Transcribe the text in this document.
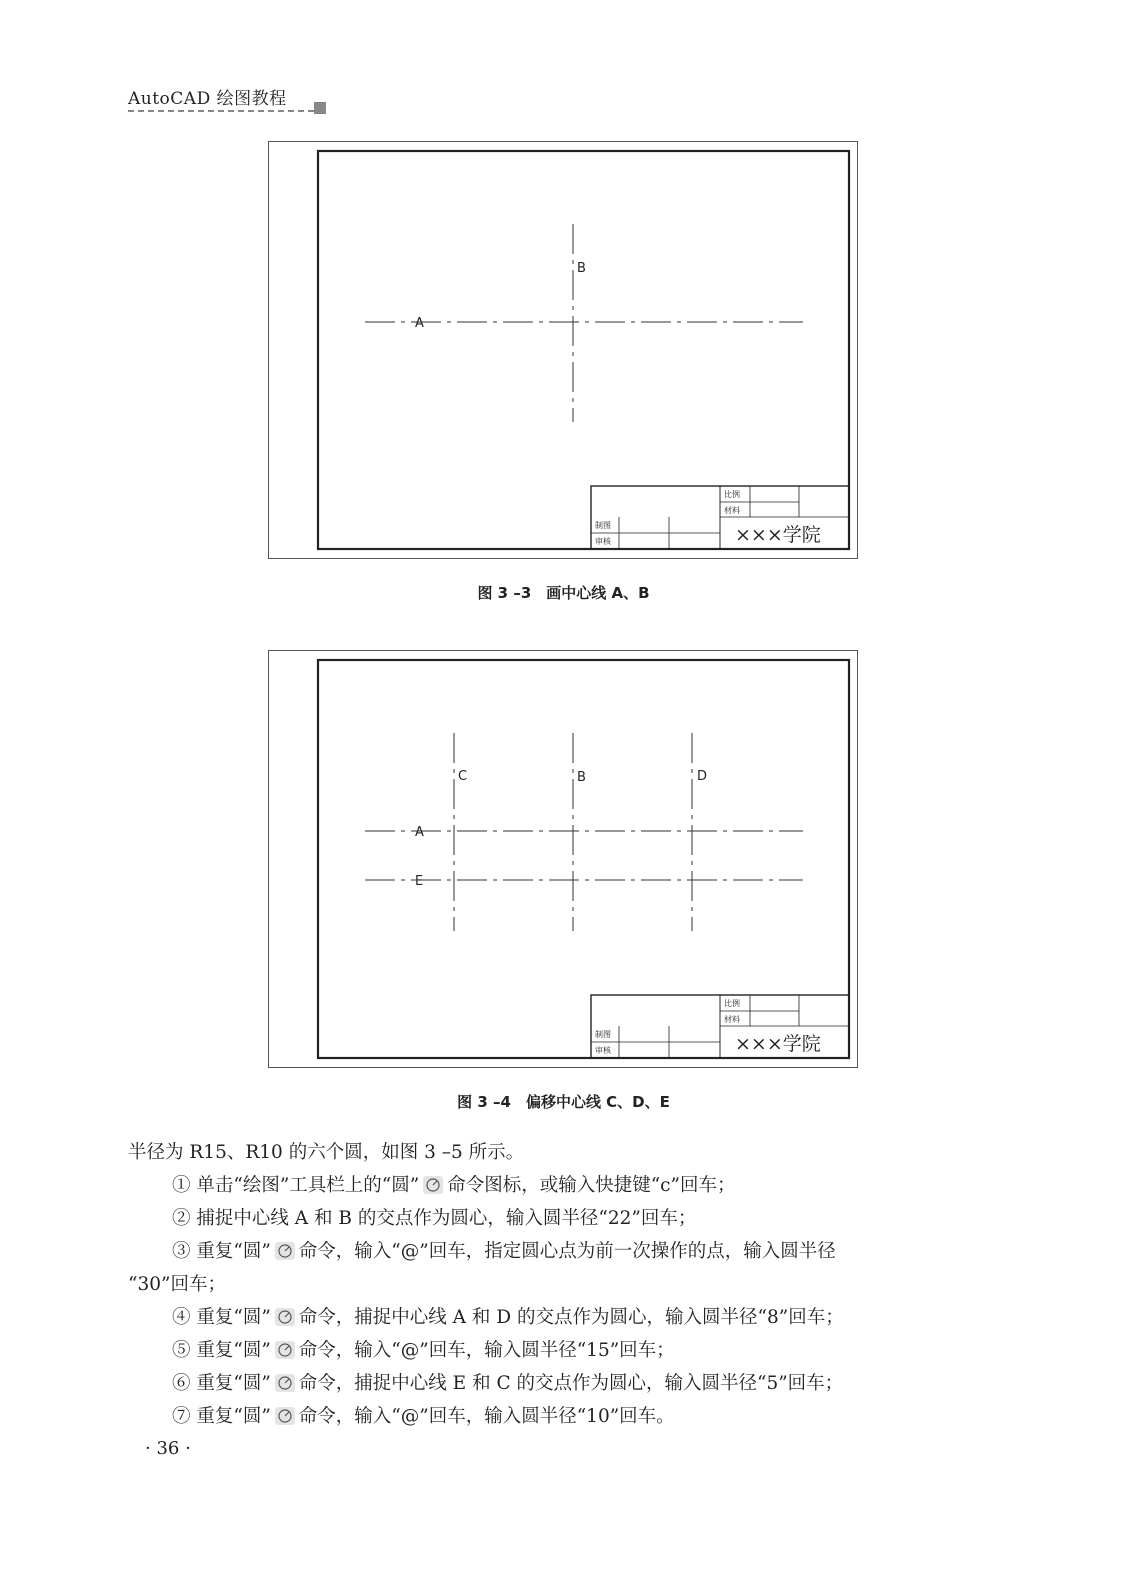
AutoCAD 绘图教程
A
B
比例
材料
制图
审核	×××学院
图 3 –3　画中心线 A、B
C	B	D
A
E
比例
材料
制图
审核	×××学院
图 3 –4　偏移中心线 C、D、E

半径为 R15、R10 的六个圆，如图 3 –5 所示。

① 单击“绘图”工具栏上的“圆” 命令图标，或输入快捷键“c”回车；

② 捕捉中心线 A 和 B 的交点作为圆心，输入圆半径“22”回车；

③ 重复“圆” 命令，输入“@”回车，指定圆心点为前一次操作的点，输入圆半径

“30”回车；

④ 重复“圆” 命令，捕捉中心线 A 和 D 的交点作为圆心，输入圆半径“8”回车；

⑤ 重复“圆” 命令，输入“@”回车，输入圆半径“15”回车；

⑥ 重复“圆” 命令，捕捉中心线 E 和 C 的交点作为圆心，输入圆半径“5”回车；

⑦ 重复“圆” 命令，输入“@”回车，输入圆半径“10”回车。

· 36 ·
